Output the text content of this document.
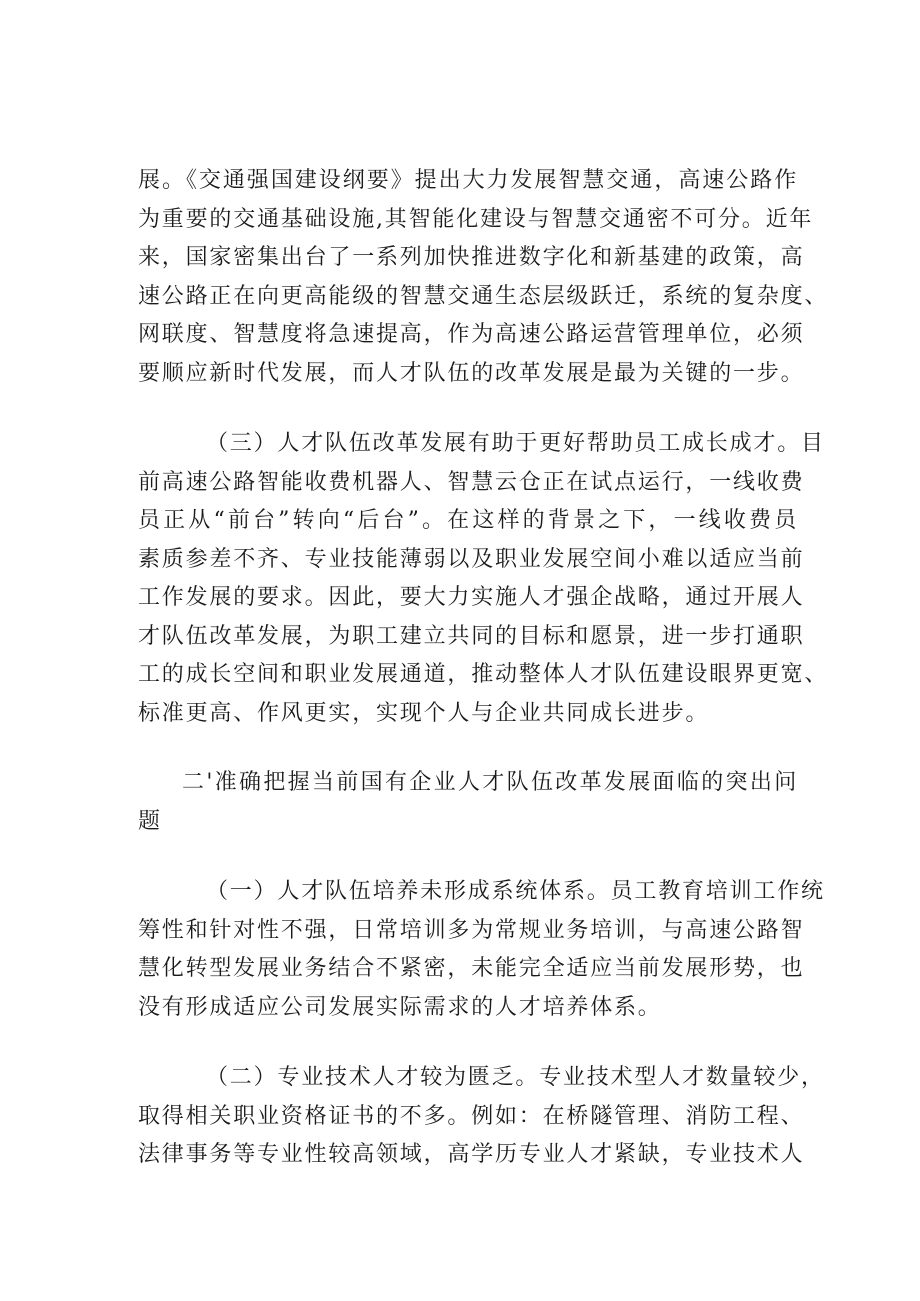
展。《交通强国建设纲要》提出大力发展智慧交通，高速公路作
为重要的交通基础设施,其智能化建设与智慧交通密不可分。近年
来，国家密集出台了一系列加快推进数字化和新基建的政策，高
速公路正在向更高能级的智慧交通生态层级跃迁，系统的复杂度、
网联度、智慧度将急速提高，作为高速公路运营管理单位，必须
要顺应新时代发展，而人才队伍的改革发展是最为关键的一步。
（三）人才队伍改革发展有助于更好帮助员工成长成才。目
前高速公路智能收费机器人、智慧云仓正在试点运行，一线收费
员正从“前台”转向“后台”。在这样的背景之下，一线收费员
素质参差不齐、专业技能薄弱以及职业发展空间小难以适应当前
工作发展的要求。因此，要大力实施人才强企战略，通过开展人
才队伍改革发展，为职工建立共同的目标和愿景，进一步打通职
工的成长空间和职业发展通道，推动整体人才队伍建设眼界更宽、
标准更高、作风更实，实现个人与企业共同成长进步。
二'准确把握当前国有企业人才队伍改革发展面临的突出问
题
（一）人才队伍培养未形成系统体系。员工教育培训工作统
筹性和针对性不强，日常培训多为常规业务培训，与高速公路智
慧化转型发展业务结合不紧密，未能完全适应当前发展形势，也
没有形成适应公司发展实际需求的人才培养体系。
（二）专业技术人才较为匮乏。专业技术型人才数量较少，
取得相关职业资格证书的不多。例如：在桥隧管理、消防工程、
法律事务等专业性较高领域，高学历专业人才紧缺，专业技术人
